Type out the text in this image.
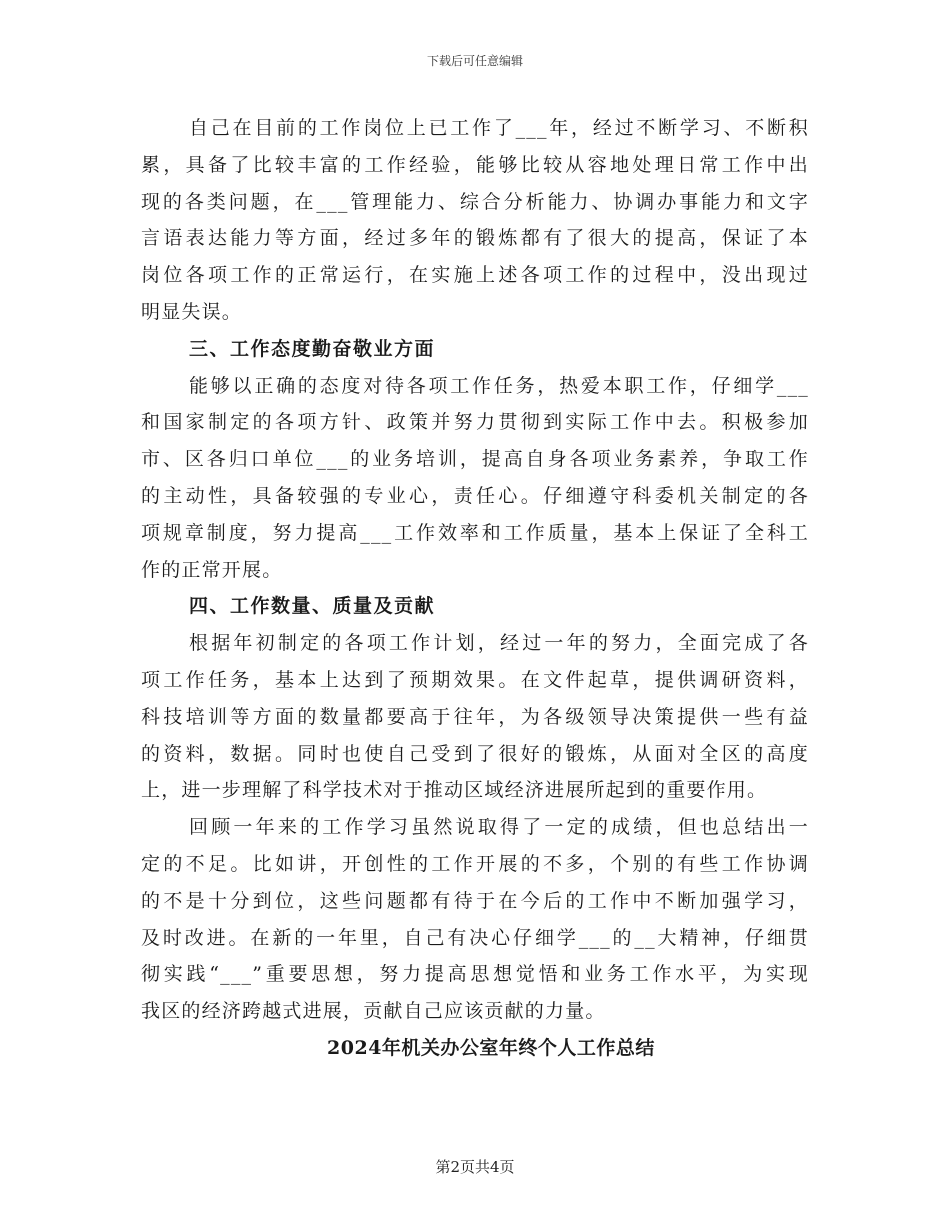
下载后可任意编辑
自己在目前的工作岗位上已工作了___年，经过不断学习、不断积
累，具备了比较丰富的工作经验，能够比较从容地处理日常工作中出
现的各类问题，在___管理能力、综合分析能力、协调办事能力和文字
言语表达能力等方面，经过多年的锻炼都有了很大的提高，保证了本
岗位各项工作的正常运行，在实施上述各项工作的过程中，没出现过
明显失误。
三、工作态度勤奋敬业方面
能够以正确的态度对待各项工作任务，热爱本职工作，仔细学___
和国家制定的各项方针、政策并努力贯彻到实际工作中去。积极参加
市、区各归口单位___的业务培训，提高自身各项业务素养，争取工作
的主动性，具备较强的专业心，责任心。仔细遵守科委机关制定的各
项规章制度，努力提高___工作效率和工作质量，基本上保证了全科工
作的正常开展。
四、工作数量、质量及贡献
根据年初制定的各项工作计划，经过一年的努力，全面完成了各
项工作任务，基本上达到了预期效果。在文件起草，提供调研资料，
科技培训等方面的数量都要高于往年，为各级领导决策提供一些有益
的资料，数据。同时也使自己受到了很好的锻炼，从面对全区的高度
上，进一步理解了科学技术对于推动区域经济进展所起到的重要作用。
回顾一年来的工作学习虽然说取得了一定的成绩，但也总结出一
定的不足。比如讲，开创性的工作开展的不多，个别的有些工作协调
的不是十分到位，这些问题都有待于在今后的工作中不断加强学习，
及时改进。在新的一年里，自己有决心仔细学___的__大精神，仔细贯
彻实践“___”重要思想，努力提高思想觉悟和业务工作水平，为实现
我区的经济跨越式进展，贡献自己应该贡献的力量。
2024年机关办公室年终个人工作总结
第2页共4页
